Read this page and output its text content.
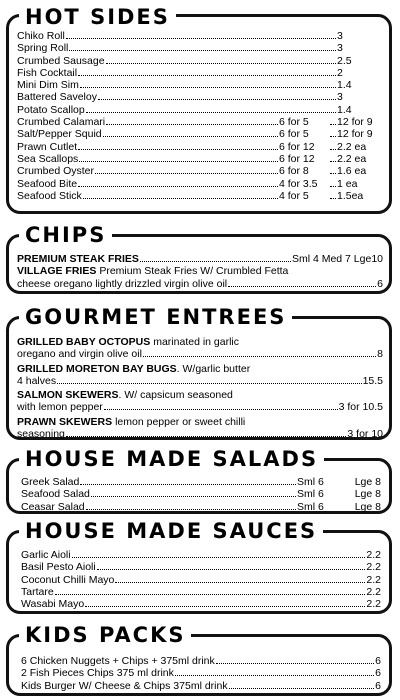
HOT SIDES
Chiko Roll	3
Spring Roll	3
Crumbed Sausage	2.5
Fish Cocktail	2
Mini Dim Sim	1.4
Battered Saveloy	3
Potato Scallop	1.4
Crumbed Calamari	6 for 5	12 for 9
Salt/Pepper Squid	6 for 5	12 for 9
Prawn Cutlet	6 for 12	2.2 ea
Sea Scallops	6 for 12	2.2 ea
Crumbed Oyster	6 for 8	1.6 ea
Seafood Bite	4 for 3.5	1 ea
Seafood Stick	4 for 5	1.5ea
CHIPS
PREMIUM STEAK FRIES	Sml 4 Med 7 Lge10
VILLAGE FRIES Premium Steak Fries W/ Crumbled Fetta
cheese oregano lightly drizzled virgin olive oil	6
GOURMET ENTREES
GRILLED BABY OCTOPUS marinated in garlic
oregano and virgin olive oil	8
GRILLED MORETON BAY BUGS . W/garlic butter
4 halves	15.5
SALMON SKEWERS . W/ capsicum seasoned
with lemon pepper	3 for 10.5
PRAWN SKEWERS lemon pepper or sweet chilli
seasoning	3 for 10
HOUSE MADE SALADS
Greek Salad	Sml 6	Lge 8
Seafood Salad	Sml 6	Lge 8
Ceasar Salad	Sml 6	Lge 8
HOUSE MADE SAUCES
Garlic Aioli	2.2
Basil Pesto Aioli	2.2
Coconut Chilli Mayo	2.2
Tartare	2.2
Wasabi Mayo	2.2
KIDS PACKS
6 Chicken Nuggets + Chips + 375ml drink	6
2 Fish Pieces Chips 375 ml drink	6
Kids Burger W/ Cheese & Chips 375ml drink	6
